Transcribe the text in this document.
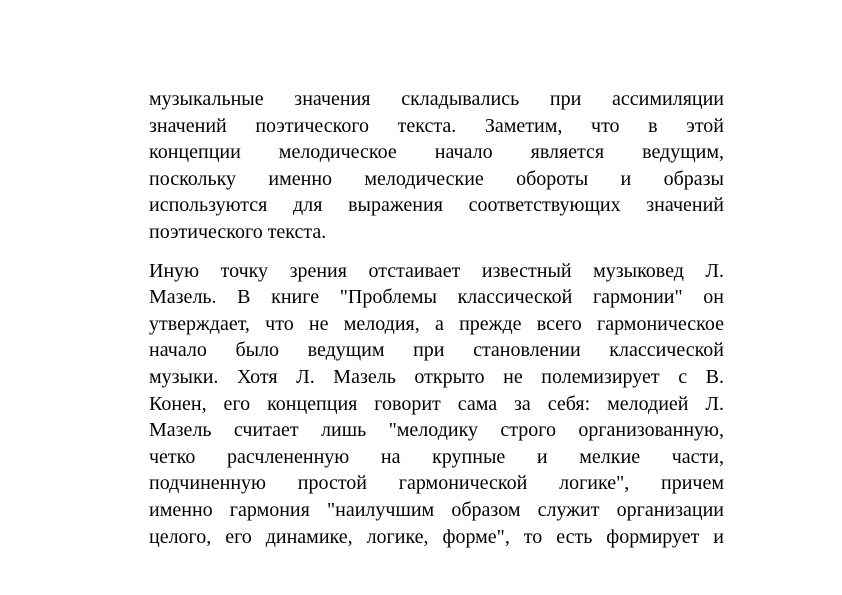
музыкальные значения складывались при ассимиляции
значений поэтического текста. Заметим, что в этой
концепции мелодическое начало является ведущим,
поскольку именно мелодические обороты и образы
используются для выражения соответствующих значений
поэтического текста.

Иную точку зрения отстаивает известный музыковед Л.
Мазель. В книге "Проблемы классической гармонии" он
утверждает, что не мелодия, а прежде всего гармоническое
начало было ведущим при становлении классической
музыки. Хотя Л. Мазель открыто не полемизирует с В.
Конен, его концепция говорит сама за себя: мелодией Л.
Мазель считает лишь "мелодику строго организованную,
четко расчлененную на крупные и мелкие части,
подчиненную простой гармонической логике", причем
именно гармония "наилучшим образом служит организации
целого, его динамике, логике, форме", то есть формирует и
